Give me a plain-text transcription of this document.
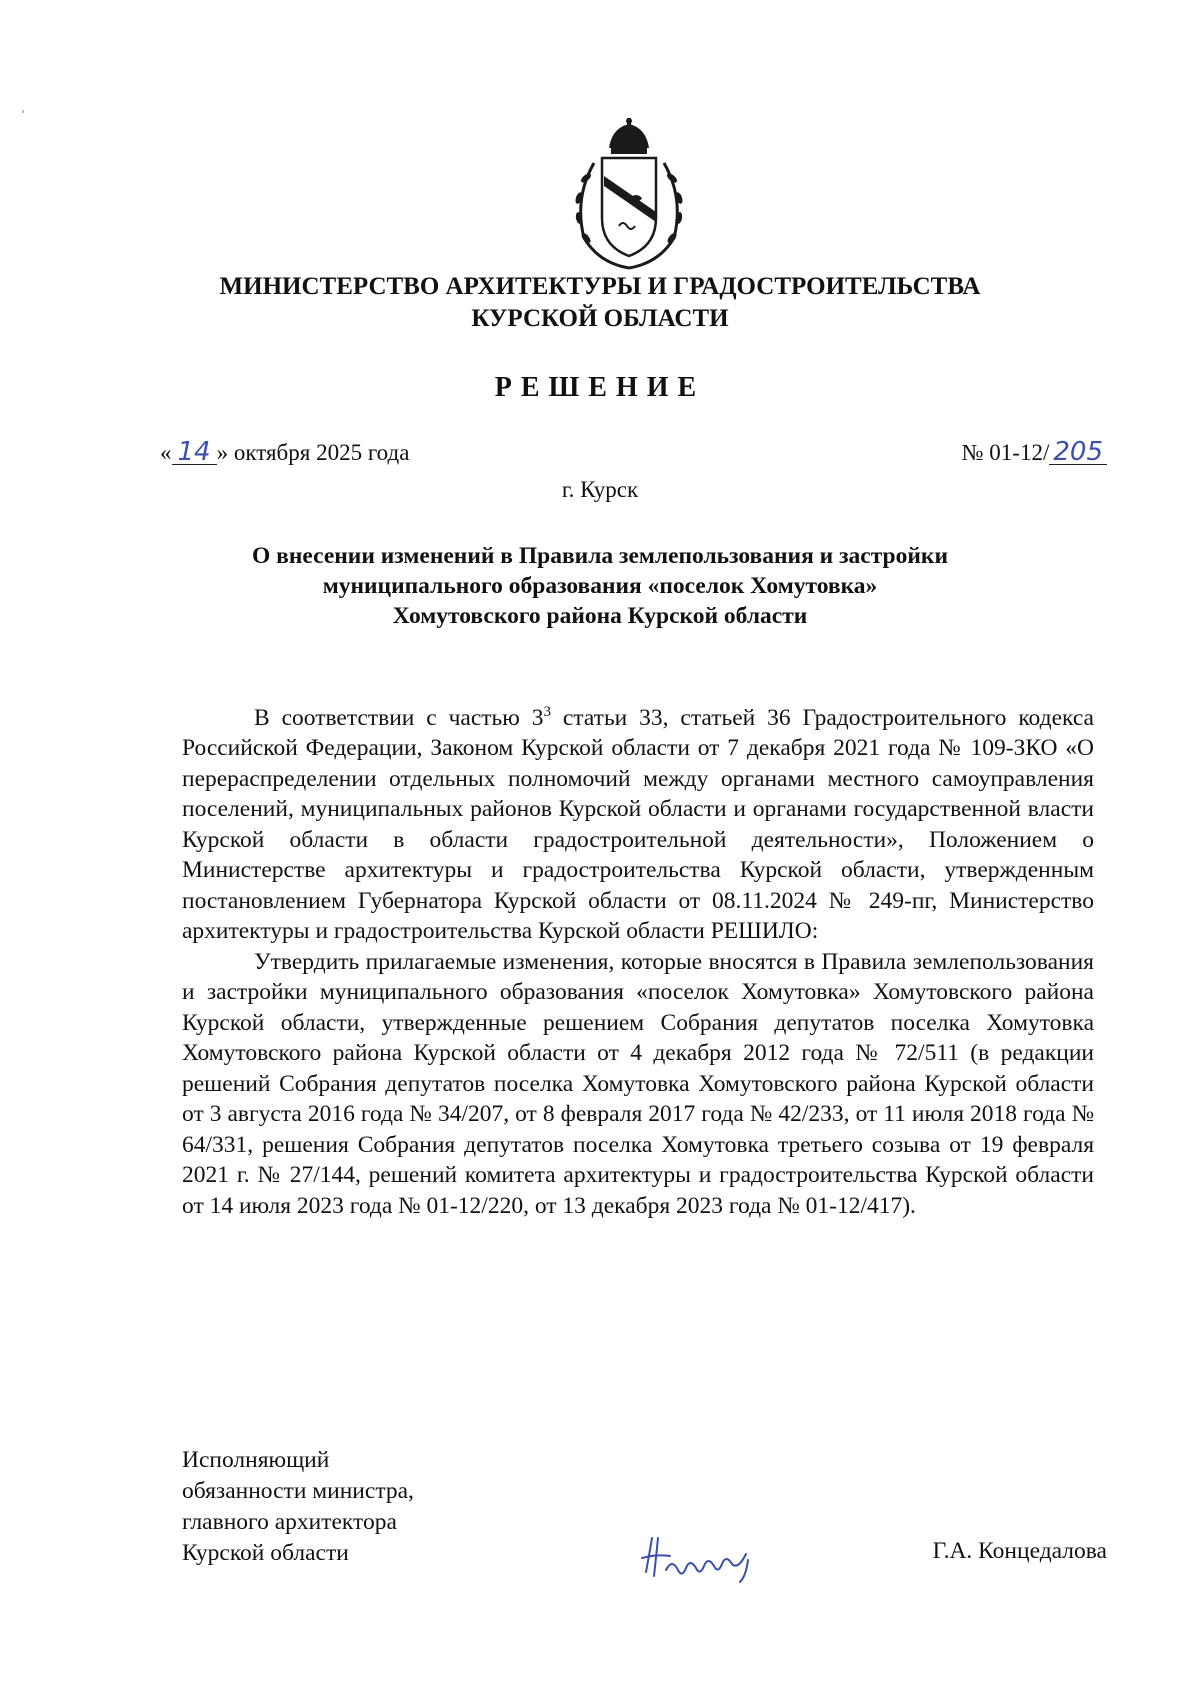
МИНИСТЕРСТВО АРХИТЕКТУРЫ И ГРАДОСТРОИТЕЛЬСТВА
КУРСКОЙ ОБЛАСТИ
РЕШЕНИЕ
« 14 » октября 2025 года	№ 01-12/ 205
г. Курск
О внесении изменений в Правила землепользования и застройки
муниципального образования «поселок Хомутовка»
Хомутовского района Курской области

В соответствии с частью $3^3$ статьи 33, статьей 36 Градостроительного кодекса Российской Федерации, Законом Курской области от 7 декабря 2021 года № 109-ЗКО «О перераспределении отдельных полномочий между органами местного самоуправления поселений, муниципальных районов Курской области и органами государственной власти Курской области в области градостроительной деятельности», Положением о Министерстве архитектуры и градостроительства Курской области, утвержденным постановлением Губернатора Курской области от 08.11.2024 № 249-пг, Министерство архитектуры и градостроительства Курской области РЕШИЛО:

Утвердить прилагаемые изменения, которые вносятся в Правила землепользования и застройки муниципального образования «поселок Хомутовка» Хомутовского района Курской области, утвержденные решением Собрания депутатов поселка Хомутовка Хомутовского района Курской области от 4 декабря 2012 года № 72/511 (в редакции решений Собрания депутатов поселка Хомутовка Хомутовского района Курской области от 3 августа 2016 года № 34/207, от 8 февраля 2017 года № 42/233, от 11 июля 2018 года № 64/331, решения Собрания депутатов поселка Хомутовка третьего созыва от 19 февраля 2021 г. № 27/144, решений комитета архитектуры и градостроительства Курской области от 14 июля 2023 года № 01-12/220, от 13 декабря 2023 года № 01-12/417).

Исполняющий
обязанности министра,
главного архитектора
Курской области	Г.А. Концедалова
